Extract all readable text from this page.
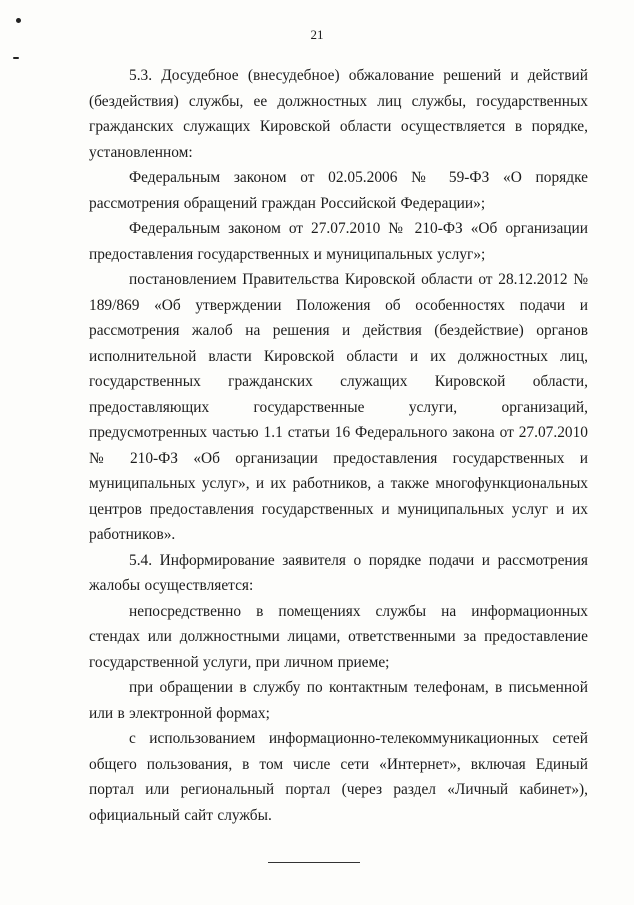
21

5.3. Досудебное (внесудебное) обжалование решений и действий (бездействия) службы, ее должностных лиц службы, государственных гражданских служащих Кировской области осуществляется в порядке, установленном:

Федеральным законом от 02.05.2006 № 59-ФЗ «О порядке рассмотрения обращений граждан Российской Федерации»;

Федеральным законом от 27.07.2010 № 210-ФЗ «Об организации предоставления государственных и муниципальных услуг»;

постановлением Правительства Кировской области от 28.12.2012 № 189/869 «Об утверждении Положения об особенностях подачи и рассмотрения жалоб на решения и действия (бездействие) органов исполнительной власти Кировской области и их должностных лиц, государственных гражданских служащих Кировской области, предоставляющих государственные услуги, организаций, предусмотренных частью 1.1 статьи 16 Федерального закона от 27.07.2010 № 210-ФЗ «Об организации предоставления государственных и муниципальных услуг», и их работников, а также многофункциональных центров предоставления государственных и муниципальных услуг и их работников».

5.4. Информирование заявителя о порядке подачи и рассмотрения жалобы осуществляется:

непосредственно в помещениях службы на информационных стендах или должностными лицами, ответственными за предоставление государственной услуги, при личном приеме;

при обращении в службу по контактным телефонам, в письменной или в электронной формах;

с использованием информационно-телекоммуникационных сетей общего пользования, в том числе сети «Интернет», включая Единый портал или региональный портал (через раздел «Личный кабинет»), официальный сайт службы.
